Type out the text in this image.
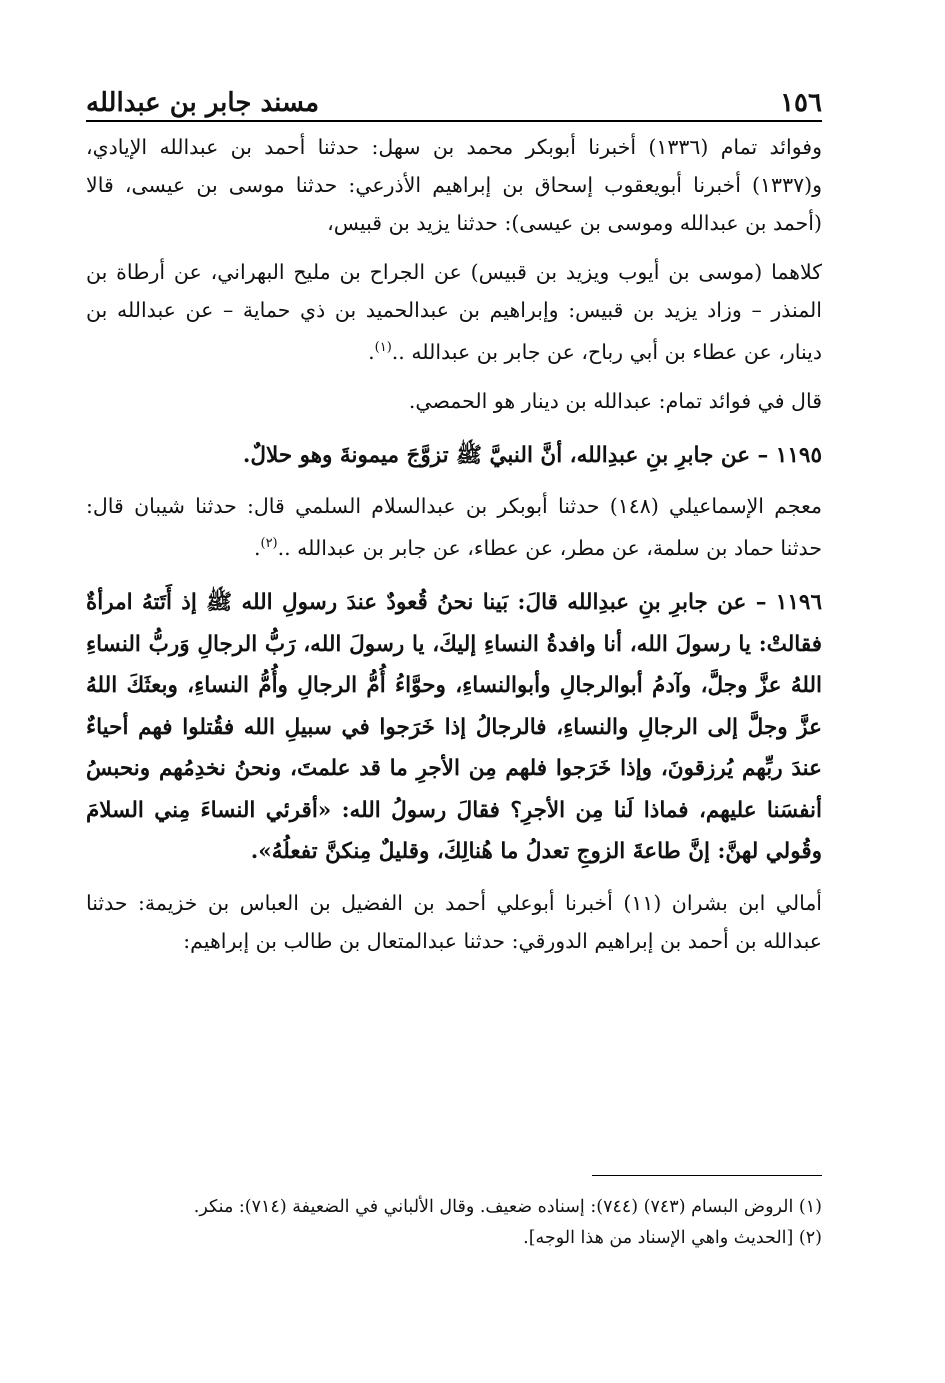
١٥٦
مسند جابر بن عبدالله

وفوائد تمام (١٣٣٦) أخبرنا أبوبكر محمد بن سهل: حدثنا أحمد بن عبدالله الإيادي، و(١٣٣٧) أخبرنا أبويعقوب إسحاق بن إبراهيم الأذرعي: حدثنا موسى بن عيسى، قالا (أحمد بن عبدالله وموسى بن عيسى): حدثنا يزيد بن قبيس،

كلاهما (موسى بن أيوب ويزيد بن قبيس) عن الجراح بن مليح البهراني، عن أرطاة بن المنذر – وزاد يزيد بن قبيس: وإبراهيم بن عبدالحميد بن ذي حماية – عن عبدالله بن دينار، عن عطاء بن أبي رباح، عن جابر بن عبدالله ..$^{(١)}$.

قال في فوائد تمام: عبدالله بن دينار هو الحمصي.

١١٩٥ – عن جابرِ بنِ عبدِالله، أنَّ النبيَّ ﷺ تزوَّجَ ميمونةَ وهو حلالٌ.

معجم الإسماعيلي (١٤٨) حدثنا أبوبكر بن عبدالسلام السلمي قال: حدثنا شيبان قال: حدثنا حماد بن سلمة، عن مطر، عن عطاء، عن جابر بن عبدالله ..$^{(٢)}$.

١١٩٦ – عن جابرِ بنِ عبدِالله قالَ: بَينا نحنُ قُعودٌ عندَ رسولِ الله ﷺ إذ أَتَتهُ امرأةٌ فقالتْ: يا رسولَ الله، أنا وافدةُ النساءِ إليكَ، يا رسولَ الله، رَبُّ الرجالِ وَربُّ النساءِ اللهُ عزَّ وجلَّ، وآدمُ أبوالرجالِ وأبوالنساءِ، وحوَّاءُ أُمُّ الرجالِ وأُمُّ النساءِ، وبعثَكَ اللهُ عزَّ وجلَّ إلى الرجالِ والنساءِ، فالرجالُ إذا خَرَجوا في سبيلِ الله فقُتلوا فهم أحياءٌ عندَ ربِّهم يُرزقونَ، وإذا خَرَجوا فلهم مِن الأجرِ ما قد علمتَ، ونحنُ نخدِمُهم ونحبسُ أنفسَنا عليهم، فماذا لَنا مِن الأجرِ؟ فقالَ رسولُ الله: «أقرئي النساءَ مِني السلامَ وقُولي لهنَّ: إنَّ طاعةَ الزوجِ تعدلُ ما هُنالِكَ، وقليلٌ مِنكنَّ تفعلُهُ».

أمالي ابن بشران (١١) أخبرنا أبوعلي أحمد بن الفضيل بن العباس بن خزيمة: حدثنا عبدالله بن أحمد بن إبراهيم الدورقي: حدثنا عبدالمتعال بن طالب بن إبراهيم:

(١) الروض البسام (٧٤٣) (٧٤٤): إسناده ضعيف. وقال الألباني في الضعيفة (٧١٤): منكر.

(٢) [الحديث واهي الإسناد من هذا الوجه].
